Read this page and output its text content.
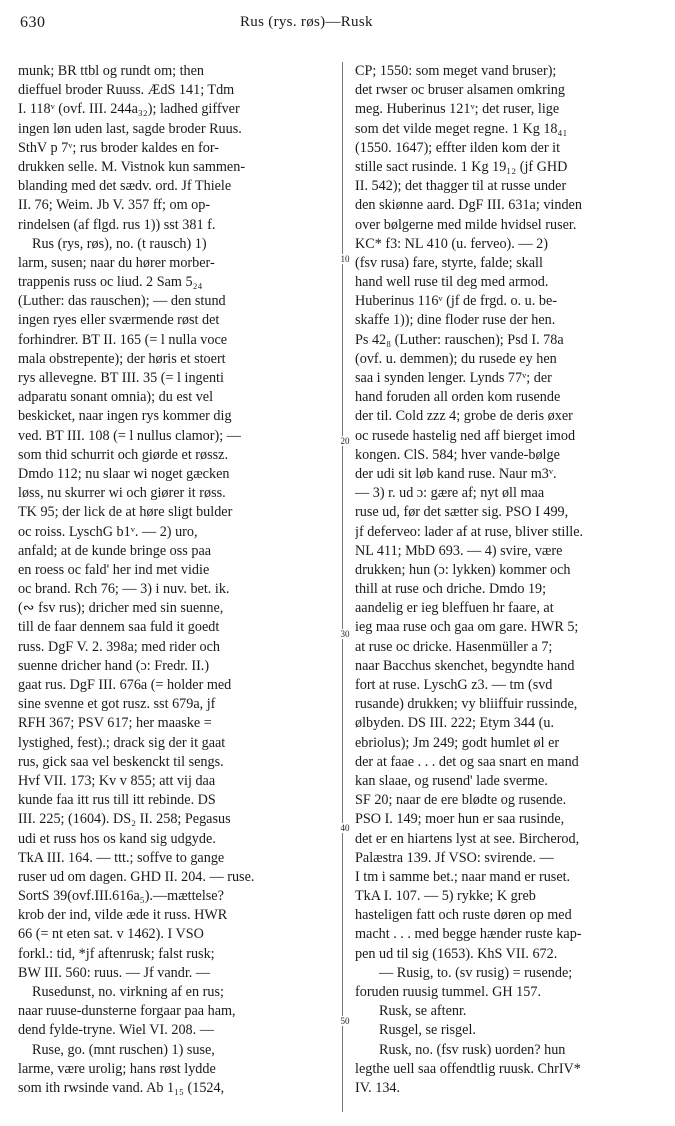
630	Rus (rys. røs)—Rusk
munk; BR ttbl og rundt om; then
dieffuel broder Ruuss. ÆdS 141; Tdm
I. 118ᵛ (ovf. III. 244a₃₂); ladhed giffver
ingen løn uden last, sagde broder Ruus.
SthV p 7ᵛ; rus broder kaldes en for-
drukken selle. M. Vistnok kun sammen-
blanding med det sædv. ord. Jf Thiele
II. 76; Weim. Jb V. 357 ff; om op-
rindelsen (af flgd. rus 1)) sst 381 f.
Rus (rys, røs), no. (t rausch) 1)
larm, susen; naar du hører morber-
trappenis russ oc liud. 2 Sam 5₂₄
(Luther: das rauschen); — den stund
ingen ryes eller sværmende røst det
forhindrer. BT II. 165 (= l nulla voce
mala obstrepente); der høris et stoert
rys allevegne. BT III. 35 (= l ingenti
adparatu sonant omnia); du est vel
beskicket, naar ingen rys kommer dig
ved. BT III. 108 (= l nullus clamor); —
som thid schurrit och giørde et røssz.
Dmdo 112; nu slaar wi noget gæcken
løss, nu skurrer wi och giører it røss.
TK 95; der lick de at høre sligt bulder
oc roiss. LyschG b1ᵛ. — 2) uro,
anfald; at de kunde bringe oss paa
en roess oc fald' her ind met vidie
oc brand. Rch 76; — 3) i nuv. bet. ik.
(∾ fsv rus); dricher med sin suenne,
till de faar dennem saa fuld it goedt
russ. DgF V. 2. 398a; med rider och
suenne dricher hand (ɔ: Fredr. II.)
gaat rus. DgF III. 676a (= holder med
sine svenne et got rusz. sst 679a, jf
RFH 367; PSV 617; her maaske =
lystighed, fest).; drack sig der it gaat
rus, gick saa vel beskenckt til sengs.
Hvf VII. 173; Kv v 855; att vij daa
kunde faa itt rus till itt rebinde. DS
III. 225; (1604). DS₂ II. 258; Pegasus
udi et russ hos os kand sig udgyde.
TkA III. 164. — ttt.; soffve to gange
ruser ud om dagen. GHD II. 204. — ruse.
SortS 39(ovf.III.616a₅).—mættelse?
krob der ind, vilde æde it russ. HWR
66 (= nt eten sat. v 1462). I VSO
forkl.: tid, *jf aftenrusk; falst rusk;
BW III. 560: ruus. — Jf vandr. —
Rusedunst, no. virkning af en rus;
naar ruuse-dunsterne forgaar paa ham,
dend fylde-tryne. Wiel VI. 208. —
Ruse, go. (mnt ruschen) 1) suse,
larme, være urolig; hans røst lydde
som ith rwsinde vand. Ab 1₁₅ (1524,
CP; 1550: som meget vand bruser);
det rwser oc bruser alsamen omkring
meg. Huberinus 121ᵛ; det ruser, lige
som det vilde meget regne. 1 Kg 18₄₁
(1550. 1647); effter ilden kom der it
stille sact rusinde. 1 Kg 19₁₂ (jf GHD
II. 542); det thagger til at russe under
den skiønne aard. DgF III. 631a; vinden
over bølgerne med milde hvidsel ruser.
KC* f3: NL 410 (u. ferveo). — 2)
(fsv rusa) fare, styrte, falde; skall
hand well ruse til deg med armod.
Huberinus 116ᵛ (jf de frgd. o. u. be-
skaffe 1)); dine floder ruse der hen.
Ps 42₈ (Luther: rauschen); Psd I. 78a
(ovf. u. demmen); du rusede ey hen
saa i synden lenger. Lynds 77ᵛ; der
hand foruden all orden kom rusende
der til. Cold zzz 4; grobe de deris øxer
oc rusede hastelig ned aff bierget imod
kongen. ClS. 584; hver vande-bølge
der udi sit løb kand ruse. Naur m3ᵛ.
— 3) r. ud ɔ: gære af; nyt øll maa
ruse ud, før det sætter sig. PSO I 499,
jf deferveo: lader af at ruse, bliver stille.
NL 411; MbD 693. — 4) svire, være
drukken; hun (ɔ: lykken) kommer och
thill at ruse och driche. Dmdo 19;
aandelig er ieg bleffuen hr faare, at
ieg maa ruse och gaa om gare. HWR 5;
at ruse oc dricke. Hasenmüller a 7;
naar Bacchus skenchet, begyndte hand
fort at ruse. LyschG z3. — tm (svd
rusande) drukken; vy bliiffuir russinde,
ølbyden. DS III. 222; Etym 344 (u.
ebriolus); Jm 249; godt humlet øl er
der at faae . . . det og saa snart en mand
kan slaae, og rusend' lade sverme.
SF 20; naar de ere blødte og rusende.
PSO I. 149; moer hun er saa rusinde,
det er en hiartens lyst at see. Bircherod,
Palæstra 139. Jf VSO: svirende. —
I tm i samme bet.; naar mand er ruset.
TkA I. 107. — 5) rykke; K greb
hasteligen fatt och ruste døren op med
macht . . . med begge hænder ruste kap-
pen ud til sig (1653). KhS VII. 672.
— Rusig, to. (sv rusig) = rusende;
foruden ruusig tummel. GH 157.
Rusk, se aftenr.
Rusgel, se risgel.
Rusk, no. (fsv rusk) uorden? hun
legthe uell saa offendtlig ruusk. ChrIV*
IV. 134.
10
20
30
40
50
